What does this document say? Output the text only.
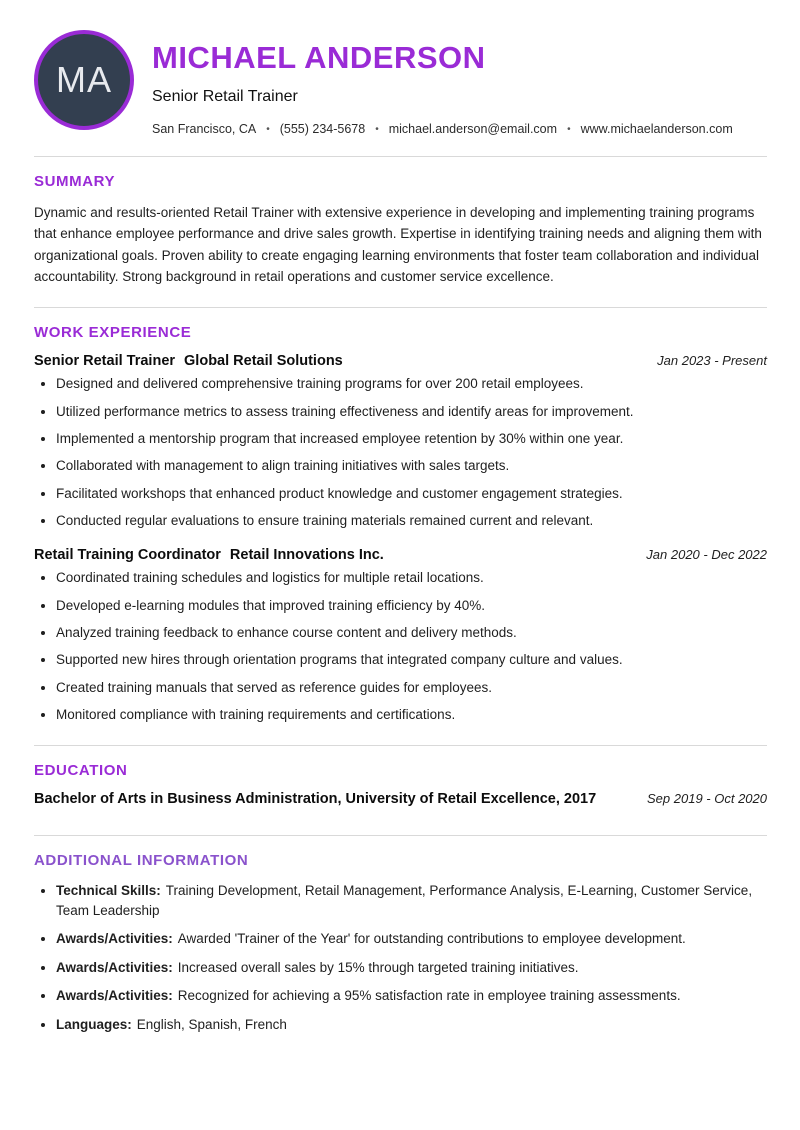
MA
MICHAEL ANDERSON
Senior Retail Trainer
San Francisco, CA • (555) 234-5678 • michael.anderson@email.com • www.michaelanderson.com
SUMMARY

Dynamic and results-oriented Retail Trainer with extensive experience in developing and implementing training programs that enhance employee performance and drive sales growth. Expertise in identifying training needs and aligning them with organizational goals. Proven ability to create engaging learning environments that foster team collaboration and individual accountability. Strong background in retail operations and customer service excellence.

WORK EXPERIENCE
Senior Retail Trainer Global Retail Solutions	Jan 2023 - Present
• Designed and delivered comprehensive training programs for over 200 retail employees.
• Utilized performance metrics to assess training effectiveness and identify areas for improvement.
• Implemented a mentorship program that increased employee retention by 30% within one year.
• Collaborated with management to align training initiatives with sales targets.
• Facilitated workshops that enhanced product knowledge and customer engagement strategies.
• Conducted regular evaluations to ensure training materials remained current and relevant.
Retail Training Coordinator Retail Innovations Inc.	Jan 2020 - Dec 2022
• Coordinated training schedules and logistics for multiple retail locations.
• Developed e-learning modules that improved training efficiency by 40%.
• Analyzed training feedback to enhance course content and delivery methods.
• Supported new hires through orientation programs that integrated company culture and values.
• Created training manuals that served as reference guides for employees.
• Monitored compliance with training requirements and certifications.
EDUCATION
Bachelor of Arts in Business Administration, University of Retail Excellence, 2017	Sep 2019 - Oct 2020
ADDITIONAL INFORMATION
• Technical Skills: Training Development, Retail Management, Performance Analysis, E-Learning, Customer Service, Team Leadership
• Awards/Activities: Awarded 'Trainer of the Year' for outstanding contributions to employee development.
• Awards/Activities: Increased overall sales by 15% through targeted training initiatives.
• Awards/Activities: Recognized for achieving a 95% satisfaction rate in employee training assessments.
• Languages: English, Spanish, French
